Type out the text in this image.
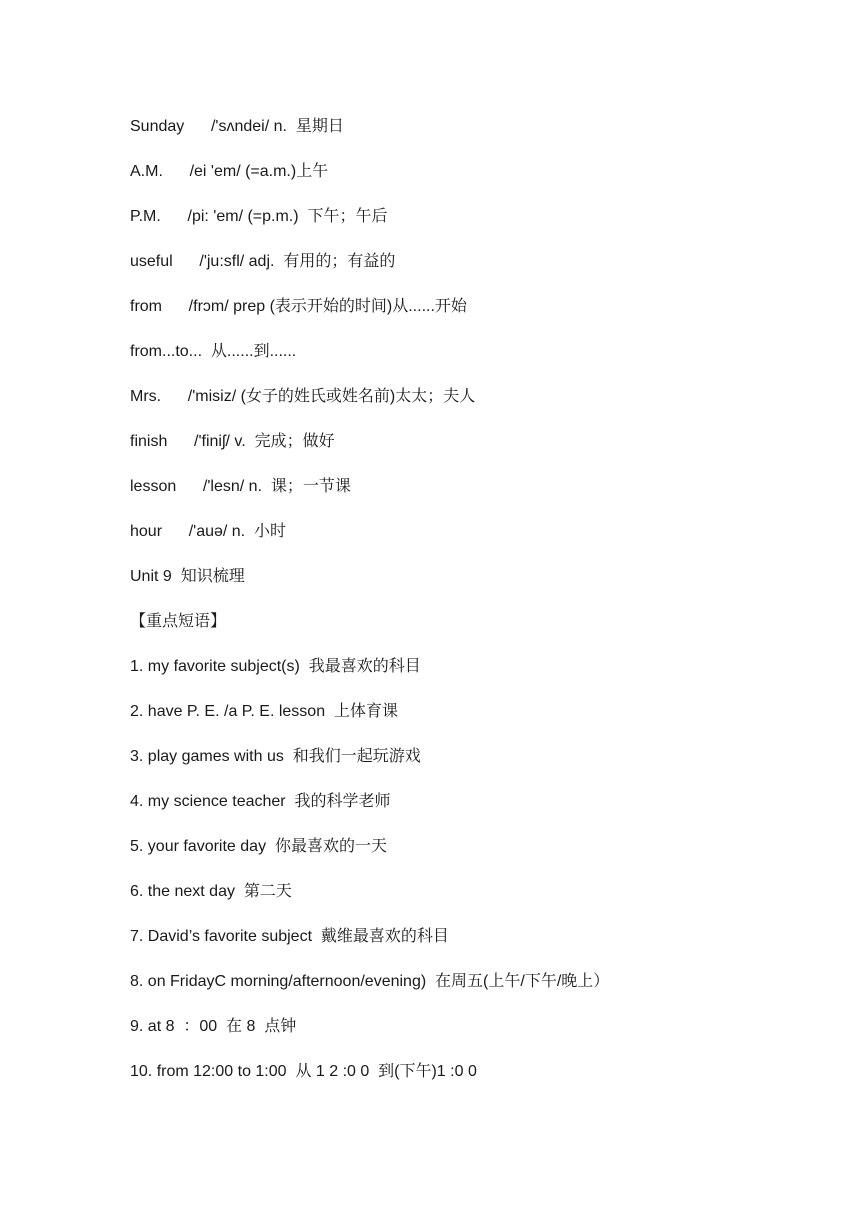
Sunday      /'sʌndei/ n.  星期日
A.M.      /ei 'em/ (=a.m.)上午
P.M.      /pi: 'em/ (=p.m.)  下午；午后
useful      /'ju:sfl/ adj.  有用的；有益的
from      /frɔm/ prep (表示开始的时间)从......开始
from...to...  从......到......
Mrs.      /'misiz/ (女子的姓氏或姓名前)太太；夫人
finish      /'finiʃ/ v.  完成；做好
lesson      /'lesn/ n.  课；一节课
hour      /'auə/ n.  小时
Unit 9  知识梳理
【重点短语】
1. my favorite subject(s)  我最喜欢的科目
2. have P. E. /a P. E. lesson  上体育课
3. play games with us  和我们一起玩游戏
4. my science teacher  我的科学老师
5. your favorite day  你最喜欢的一天
6. the next day  第二天
7. David’s favorite subject  戴维最喜欢的科目
8. on FridayC morning/afternoon/evening)  在周五(上午/下午/晚上）
9. at 8  ：00  在 8  点钟
10. from 12:00 to 1:00  从 1 2 :0 0  到(下午)1 :0 0
